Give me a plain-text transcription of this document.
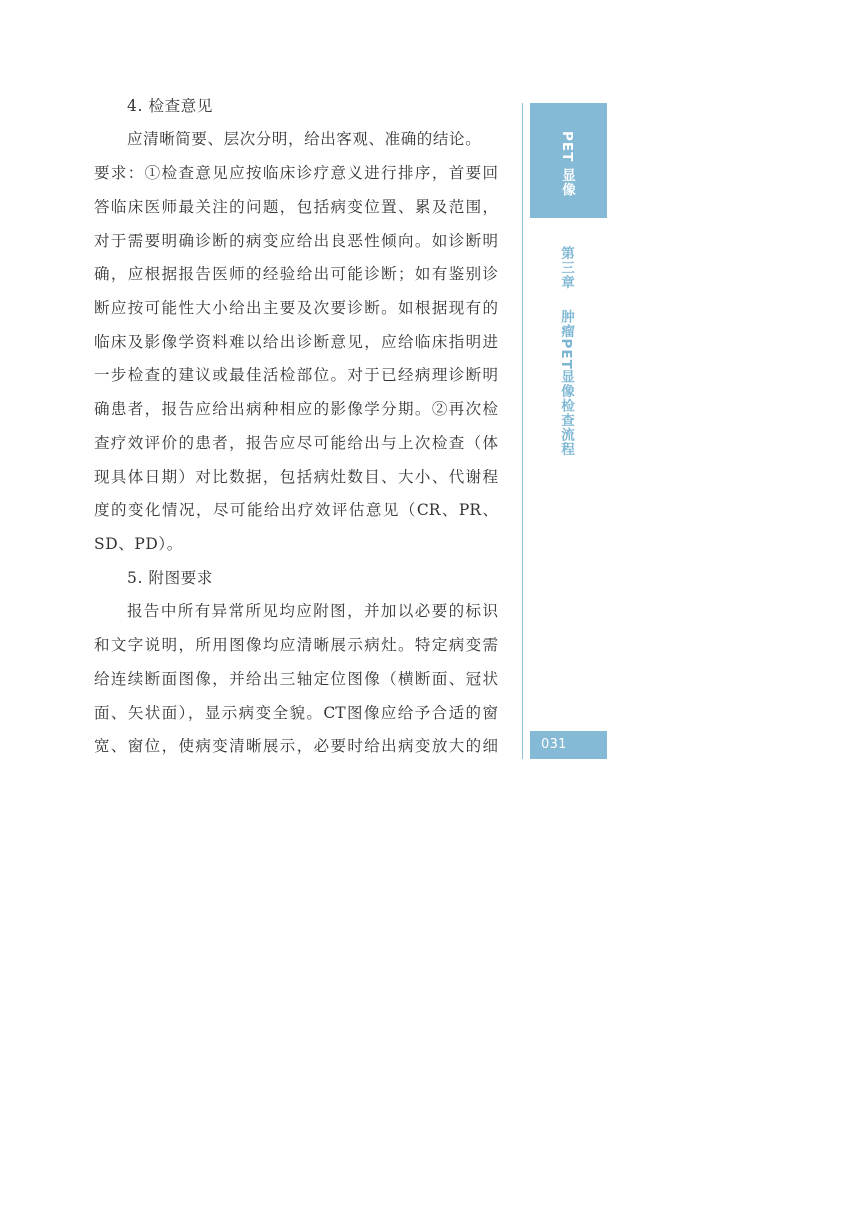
4. 检查意见
应清晰简要、层次分明，给出客观、准确的结论。
要求：①检查意见应按临床诊疗意义进行排序，首要回
答临床医师最关注的问题，包括病变位置、累及范围，
对于需要明确诊断的病变应给出良恶性倾向。如诊断明
确，应根据报告医师的经验给出可能诊断；如有鉴别诊
断应按可能性大小给出主要及次要诊断。如根据现有的
临床及影像学资料难以给出诊断意见，应给临床指明进
一步检查的建议或最佳活检部位。对于已经病理诊断明
确患者，报告应给出病种相应的影像学分期。②再次检
查疗效评价的患者，报告应尽可能给出与上次检查（体
现具体日期）对比数据，包括病灶数目、大小、代谢程
度的变化情况，尽可能给出疗效评估意见（CR、PR、
SD、PD）。
5. 附图要求
报告中所有异常所见均应附图，并加以必要的标识
和文字说明，所用图像均应清晰展示病灶。特定病变需
给连续断面图像，并给出三轴定位图像（横断面、冠状
面、矢状面），显示病变全貌。CT图像应给予合适的窗
宽、窗位，使病变清晰展示，必要时给出病变放大的细
PET 显像
第三章肿瘤PET显像检查流程
031
